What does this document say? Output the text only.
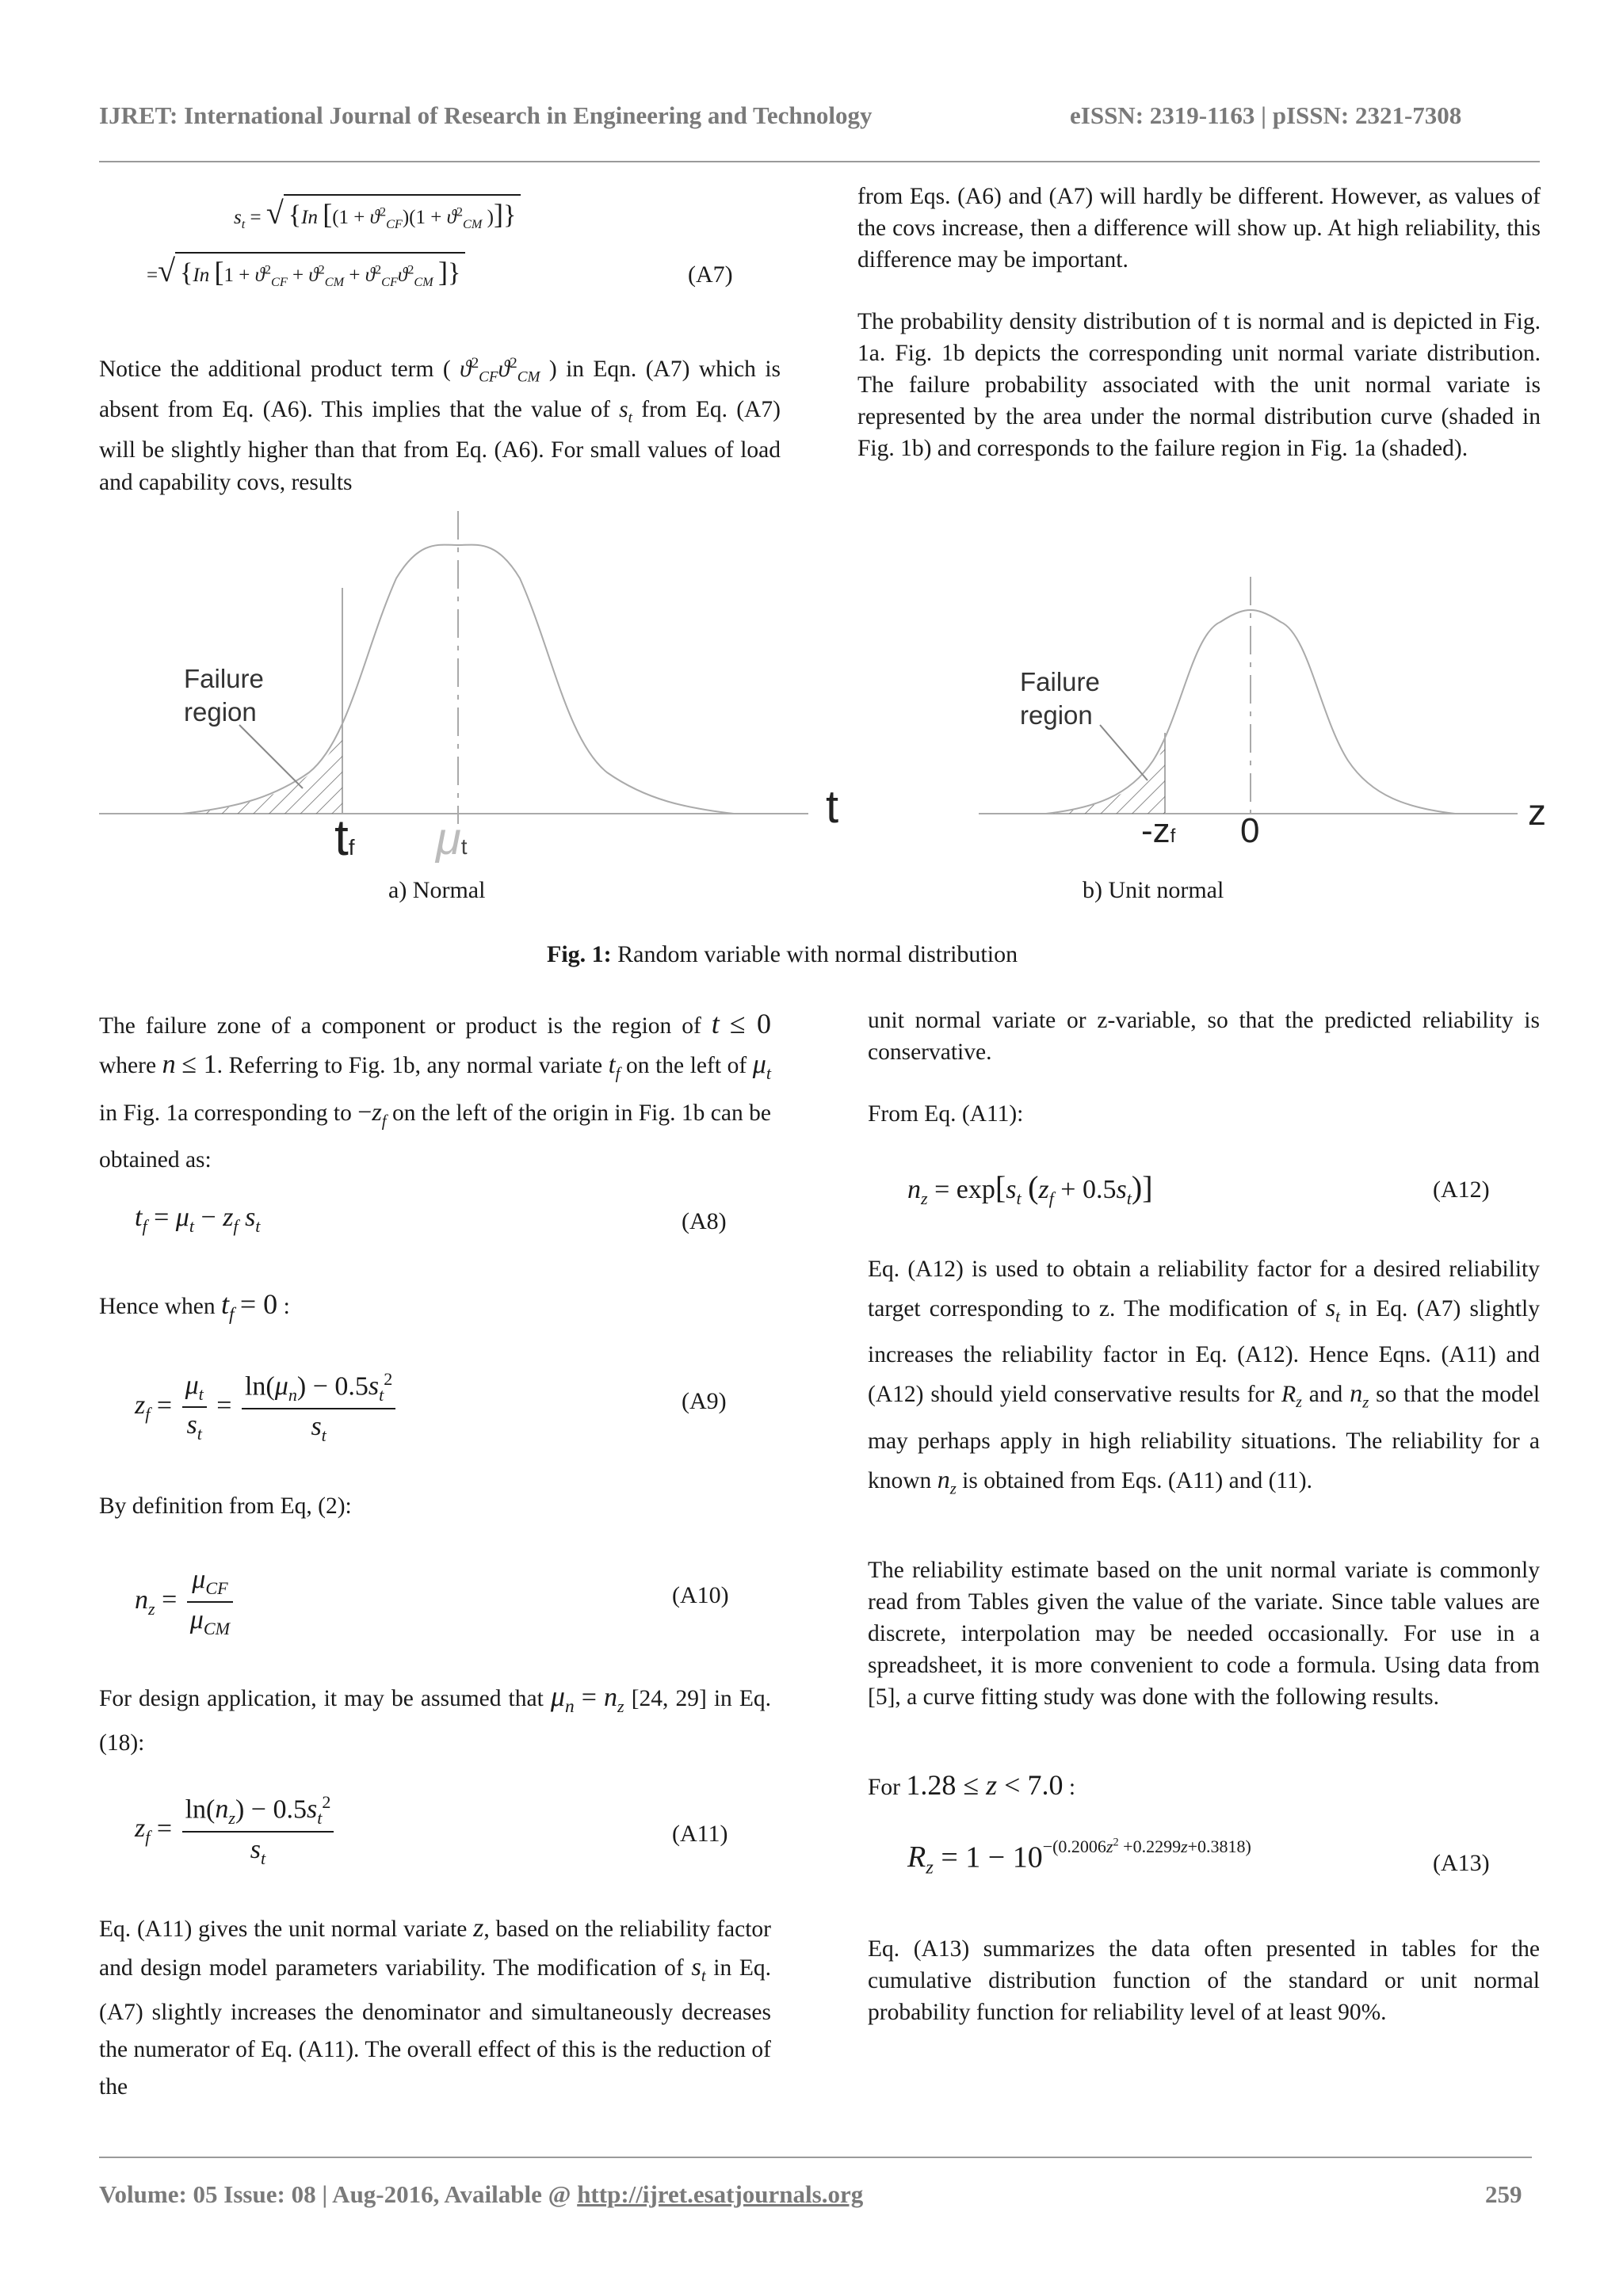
IJRET: International Journal of Research in Engineering and Technology	eISSN: 2319-1163 | pISSN: 2321-7308
$s_t$ = √ {In [$(1 + ϑ^2_{CF})(1 + ϑ^2_{CM}$ )]}
=√ {In [$1 + ϑ^2_{CF} + ϑ^2_{CM} + ϑ^2_{CF}ϑ^2_{CM}$ ]}	(A7)

Notice the additional product term ( $ϑ^2_{CF}ϑ^2_{CM}$ ) in Eqn. (A7) which is absent from Eq. (A6). This implies that the value of $s_t$ from Eq. (A7) will be slightly higher than that from Eq. (A6). For small values of load and capability covs, results

from Eqs. (A6) and (A7) will hardly be different. However, as values of the covs increase, then a difference will show up. At high reliability, this difference may be important.

The probability density distribution of t is normal and is depicted in Fig. 1a. Fig. 1b depicts the corresponding unit normal variate distribution. The failure probability associated with the unit normal variate is represented by the area under the normal distribution curve (shaded in Fig. 1b) and corresponds to the failure region in Fig. 1a (shaded).

Failure
region
t
tf μt
a) Normal
Failure
region
z
-zf 0
b) Unit normal
Fig. 1: Random variable with normal distribution

The failure zone of a component or product is the region of t ≤ 0 where n ≤ 1. Referring to Fig. 1b, any normal variate $t_f$ on the left of $\mu_t$ in Fig. 1a corresponding to $-z_f$ on the left of the origin in Fig. 1b can be obtained as:

$t_f = \mu_t - z_f$ $s_t$	(A8)
Hence when $t_f = 0$ :
$z_f = \frac{\mu_t}{s_t} = \frac{\ln(\mu_n) - 0.5s_t^2}{s_t}$	(A9)
By definition from Eq, (2):
$n_z = \frac{\mu_{CF}}{\mu_{CM}}$	(A10)

For design application, it may be assumed that $\mu_n = n_z$ [24, 29] in Eq. (18):

$z_f = \frac{\ln(n_z) - 0.5s_t^2}{s_t}$	(A11)

Eq. (A11) gives the unit normal variate z, based on the reliability factor and design model parameters variability. The modification of $s_t$ in Eq. (A7) slightly increases the denominator and simultaneously decreases the numerator of Eq. (A11). The overall effect of this is the reduction of the

unit normal variate or z-variable, so that the predicted reliability is conservative.

From Eq. (A11):
$n_z = \exp[s_t$ $(z_f + 0.5s_t)$]	(A12)

Eq. (A12) is used to obtain a reliability factor for a desired reliability target corresponding to z. The modification of $s_t$ in Eq. (A7) slightly increases the reliability factor in Eq. (A12). Hence Eqns. (A11) and (A12) should yield conservative results for $R_z$ and $n_z$ so that the model may perhaps apply in high reliability situations. The reliability for a known $n_z$ is obtained from Eqs. (A11) and (11).

The reliability estimate based on the unit normal variate is commonly read from Tables given the value of the variate. Since table values are discrete, interpolation may be needed occasionally. For use in a spreadsheet, it is more convenient to code a formula. Using data from [5], a curve fitting study was done with the following results.

For 1.28 ≤ z < 7.0 :
$R_z = 1 - 10^{-(0.2006z^2 +0.2299z+0.3818)}$
(A13)

Eq. (A13) summarizes the data often presented in tables for the cumulative distribution function of the standard or unit normal probability function for reliability level of at least 90%.

Volume: 05 Issue: 08 | Aug-2016, Available @ http://ijret.esatjournals.org	259
